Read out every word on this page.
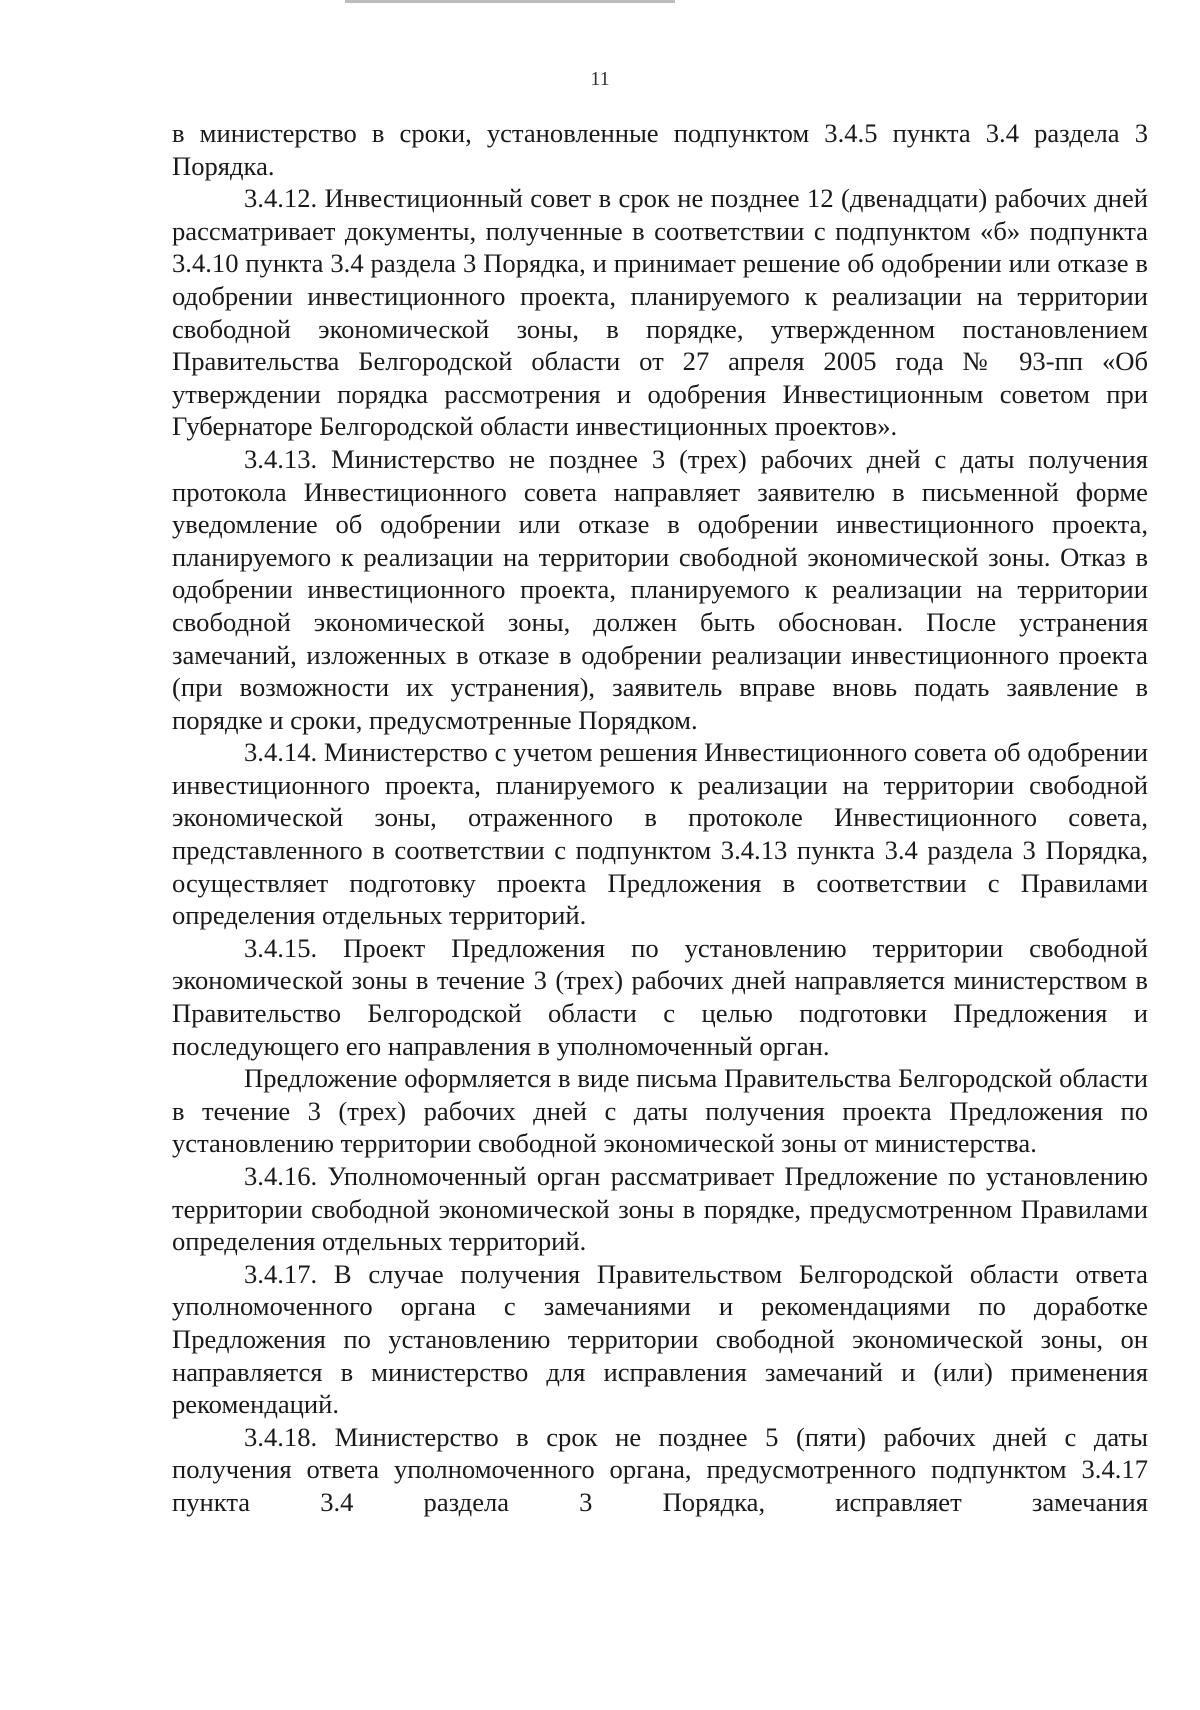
11

в министерство в сроки, установленные подпунктом 3.4.5 пункта 3.4 раздела 3 Порядка.

3.4.12. Инвестиционный совет в срок не позднее 12 (двенадцати) рабочих дней рассматривает документы, полученные в соответствии с подпунктом «б» подпункта 3.4.10 пункта 3.4 раздела 3 Порядка, и принимает решение об одобрении или отказе в одобрении инвестиционного проекта, планируемого к реализации на территории свободной экономической зоны, в порядке, утвержденном постановлением Правительства Белгородской области от 27 апреля 2005 года № 93-пп «Об утверждении порядка рассмотрения и одобрения Инвестиционным советом при Губернаторе Белгородской области инвестиционных проектов».

3.4.13. Министерство не позднее 3 (трех) рабочих дней с даты получения протокола Инвестиционного совета направляет заявителю в письменной форме уведомление об одобрении или отказе в одобрении инвестиционного проекта, планируемого к реализации на территории свободной экономической зоны. Отказ в одобрении инвестиционного проекта, планируемого к реализации на территории свободной экономической зоны, должен быть обоснован. После устранения замечаний, изложенных в отказе в одобрении реализации инвестиционного проекта (при возможности их устранения), заявитель вправе вновь подать заявление в порядке и сроки, предусмотренные Порядком.

3.4.14. Министерство с учетом решения Инвестиционного совета об одобрении инвестиционного проекта, планируемого к реализации на территории свободной экономической зоны, отраженного в протоколе Инвестиционного совета, представленного в соответствии с подпунктом 3.4.13 пункта 3.4 раздела 3 Порядка, осуществляет подготовку проекта Предложения в соответствии с Правилами определения отдельных территорий.

3.4.15. Проект Предложения по установлению территории свободной экономической зоны в течение 3 (трех) рабочих дней направляется министерством в Правительство Белгородской области с целью подготовки Предложения и последующего его направления в уполномоченный орган.

Предложение оформляется в виде письма Правительства Белгородской области в течение 3 (трех) рабочих дней с даты получения проекта Предложения по установлению территории свободной экономической зоны от министерства.

3.4.16. Уполномоченный орган рассматривает Предложение по установлению территории свободной экономической зоны в порядке, предусмотренном Правилами определения отдельных территорий.

3.4.17. В случае получения Правительством Белгородской области ответа уполномоченного органа с замечаниями и рекомендациями по доработке Предложения по установлению территории свободной экономической зоны, он направляется в министерство для исправления замечаний и (или) применения рекомендаций.

3.4.18. Министерство в срок не позднее 5 (пяти) рабочих дней с даты получения ответа уполномоченного органа, предусмотренного подпунктом 3.4.17 пункта 3.4 раздела 3 Порядка, исправляет замечания
